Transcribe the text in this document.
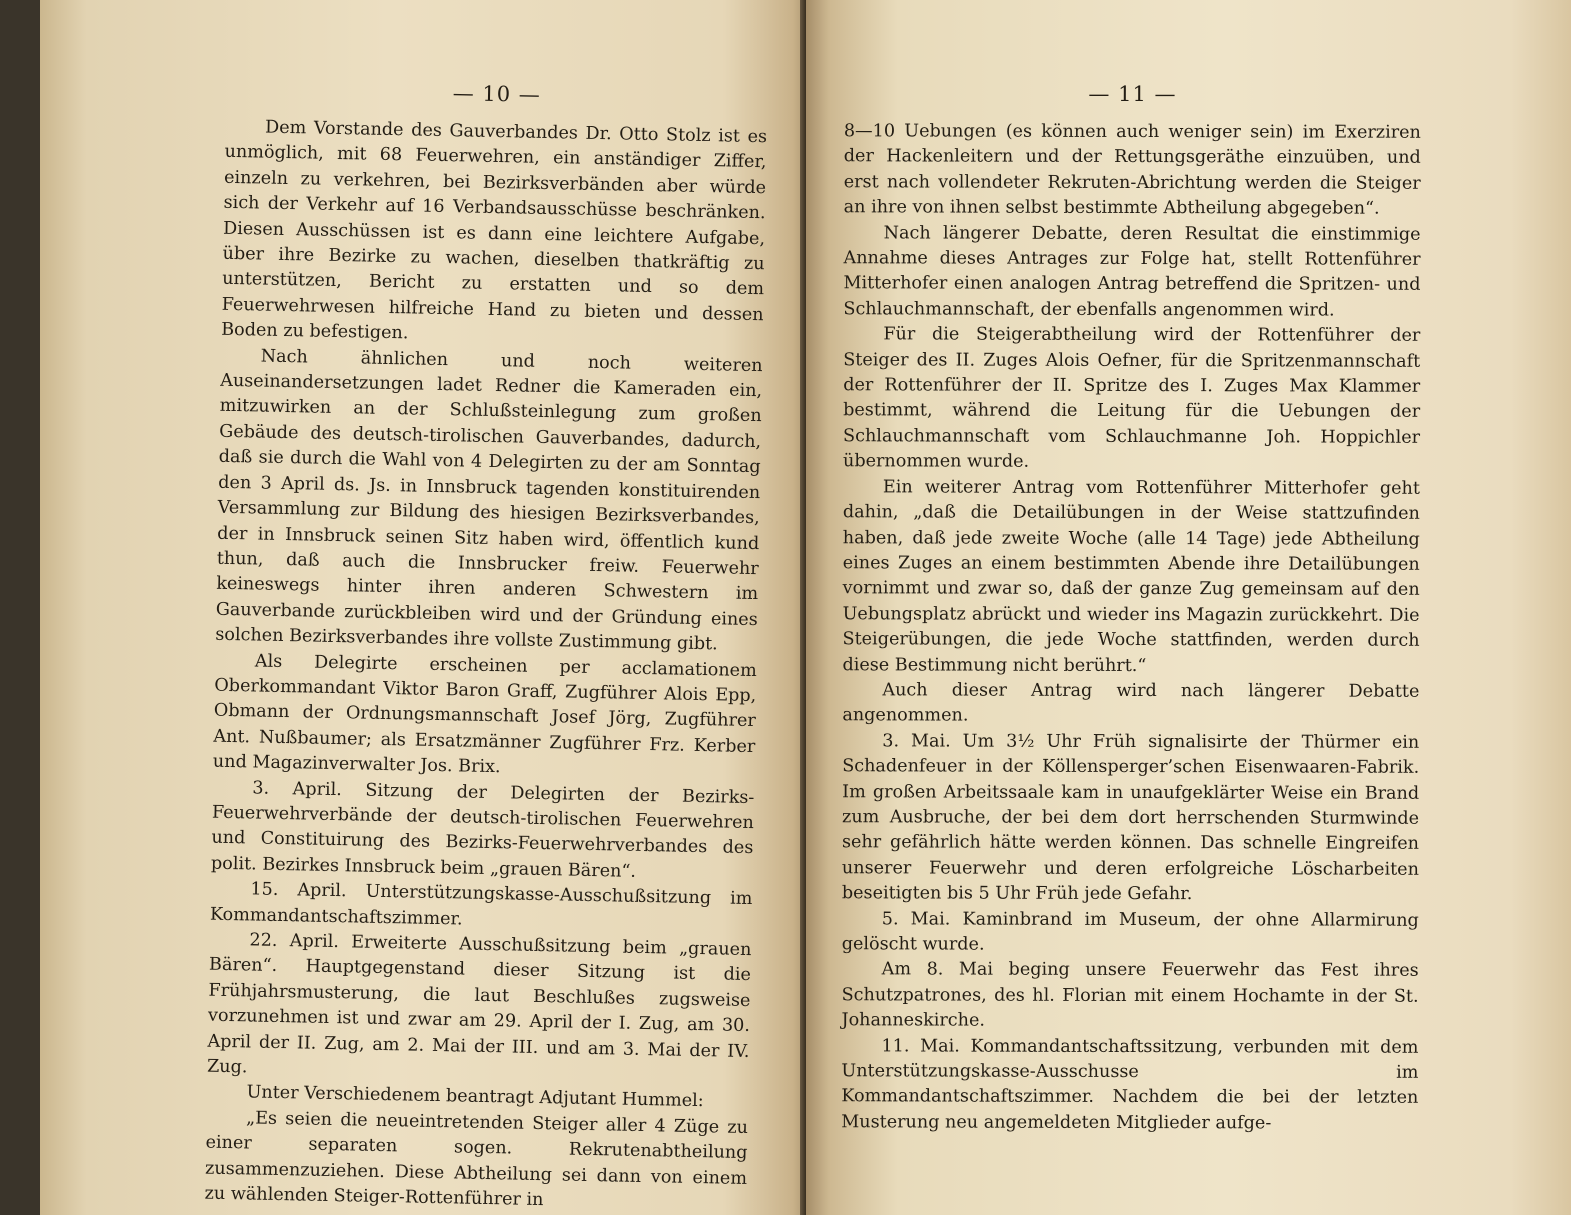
— 10 —

Dem Vorstande des Gauverbandes Dr. Otto Stolz ist es unmöglich, mit 68 Feuerwehren, ein anständiger Ziffer, einzeln zu verkehren, bei Bezirksverbänden aber würde sich der Verkehr auf 16 Verbandsausschüsse beschränken. Diesen Ausschüssen ist es dann eine leichtere Aufgabe, über ihre Bezirke zu wachen, dieselben thatkräftig zu unterstützen, Bericht zu erstatten und so dem Feuerwehrwesen hilfreiche Hand zu bieten und dessen Boden zu befestigen.

Nach ähnlichen und noch weiteren Auseinandersetzungen ladet Redner die Kameraden ein, mitzuwirken an der Schlußsteinlegung zum großen Gebäude des deutsch-tirolischen Gauverbandes, dadurch, daß sie durch die Wahl von 4 Delegirten zu der am Sonntag den 3 April ds. Js. in Innsbruck tagenden konstituirenden Versammlung zur Bildung des hiesigen Bezirksverbandes, der in Innsbruck seinen Sitz haben wird, öffentlich kund thun, daß auch die Innsbrucker freiw. Feuerwehr keineswegs hinter ihren anderen Schwestern im Gauverbande zurückbleiben wird und der Gründung eines solchen Bezirksverbandes ihre vollste Zustimmung gibt.

Als Delegirte erscheinen per acclamationem Oberkommandant Viktor Baron Graff, Zugführer Alois Epp, Obmann der Ordnungsmannschaft Josef Jörg, Zugführer Ant. Nußbaumer; als Ersatzmänner Zugführer Frz. Kerber und Magazinverwalter Jos. Brix.

3. April. Sitzung der Delegirten der Bezirks-Feuerwehrverbände der deutsch-tirolischen Feuerwehren und Constituirung des Bezirks-Feuerwehrverbandes des polit. Bezirkes Innsbruck beim „grauen Bären“.

15. April. Unterstützungskasse-Ausschußsitzung im Kommandantschaftszimmer.

22. April. Erweiterte Ausschußsitzung beim „grauen Bären“. Hauptgegenstand dieser Sitzung ist die Frühjahrsmusterung, die laut Beschlußes zugsweise vorzunehmen ist und zwar am 29. April der I. Zug, am 30. April der II. Zug, am 2. Mai der III. und am 3. Mai der IV. Zug.

Unter Verschiedenem beantragt Adjutant Hummel:

„Es seien die neueintretenden Steiger aller 4 Züge zu einer separaten sogen. Rekrutenabtheilung zusammenzuziehen. Diese Abtheilung sei dann von einem zu wählenden Steiger-Rottenführer in

— 11 —

8—10 Uebungen (es können auch weniger sein) im Exerziren der Hackenleitern und der Rettungsgeräthe einzuüben, und erst nach vollendeter Rekruten-Abrichtung werden die Steiger an ihre von ihnen selbst bestimmte Abtheilung abgegeben“.

Nach längerer Debatte, deren Resultat die einstimmige Annahme dieses Antrages zur Folge hat, stellt Rottenführer Mitterhofer einen analogen Antrag betreffend die Spritzen- und Schlauchmannschaft, der ebenfalls angenommen wird.

Für die Steigerabtheilung wird der Rottenführer der Steiger des II. Zuges Alois Oefner, für die Spritzenmannschaft der Rottenführer der II. Spritze des I. Zuges Max Klammer bestimmt, während die Leitung für die Uebungen der Schlauchmannschaft vom Schlauchmanne Joh. Hoppichler übernommen wurde.

Ein weiterer Antrag vom Rottenführer Mitterhofer geht dahin, „daß die Detailübungen in der Weise stattzufinden haben, daß jede zweite Woche (alle 14 Tage) jede Abtheilung eines Zuges an einem bestimmten Abende ihre Detailübungen vornimmt und zwar so, daß der ganze Zug gemeinsam auf den Uebungsplatz abrückt und wieder ins Magazin zurückkehrt. Die Steigerübungen, die jede Woche stattfinden, werden durch diese Bestimmung nicht berührt.“

Auch dieser Antrag wird nach längerer Debatte angenommen.

3. Mai. Um 3½ Uhr Früh signalisirte der Thürmer ein Schadenfeuer in der Köllensperger’schen Eisenwaaren-Fabrik. Im großen Arbeitssaale kam in unaufgeklärter Weise ein Brand zum Ausbruche, der bei dem dort herrschenden Sturmwinde sehr gefährlich hätte werden können. Das schnelle Eingreifen unserer Feuerwehr und deren erfolgreiche Löscharbeiten beseitigten bis 5 Uhr Früh jede Gefahr.

5. Mai. Kaminbrand im Museum, der ohne Allarmirung gelöscht wurde.

Am 8. Mai beging unsere Feuerwehr das Fest ihres Schutzpatrones, des hl. Florian mit einem Hochamte in der St. Johanneskirche.

11. Mai. Kommandantschaftssitzung, verbunden mit dem Unterstützungskasse-Ausschusse im Kommandantschaftszimmer. Nachdem die bei der letzten Musterung neu angemeldeten Mitglieder aufge-
